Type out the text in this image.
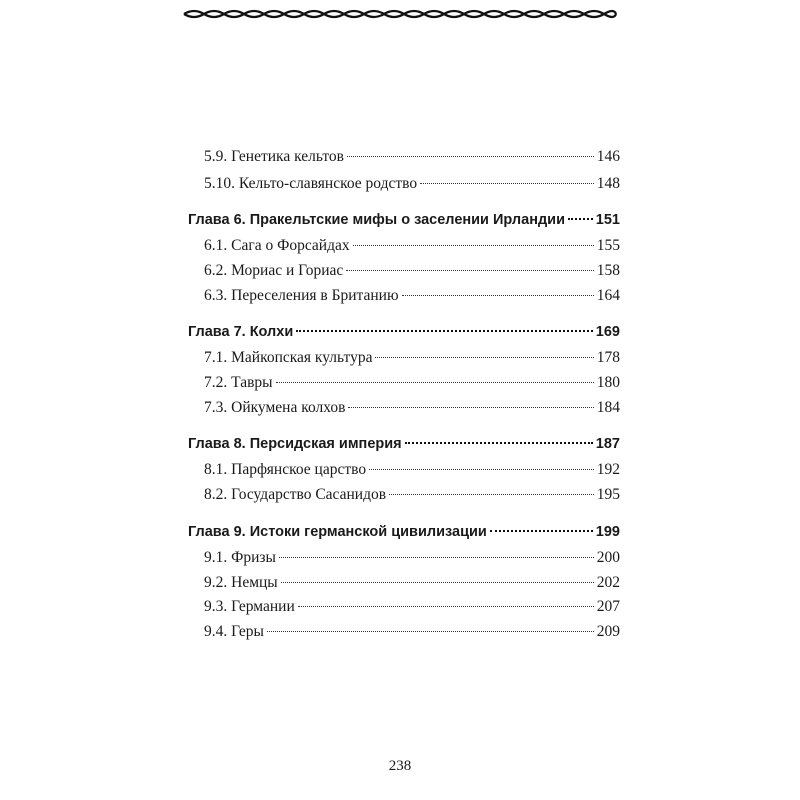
5.9. Генетика кельтов	146
5.10. Кельто-славянское родство	148
Глава 6. Пракельтские мифы о заселении Ирландии 151
6.1. Сага о Форсайдах	155
6.2. Мориас и Гориас	158
6.3. Переселения в Британию	164
Глава 7. Колхи	169
7.1. Майкопская культура	178
7.2. Тавры	180
7.3. Ойкумена колхов	184
Глава 8. Персидская империя	187
8.1. Парфянское царство	192
8.2. Государство Сасанидов	195
Глава 9. Истоки германской цивилизации	199
9.1. Фризы	200
9.2. Немцы	202
9.3. Германии	207
9.4. Геры	209
238
